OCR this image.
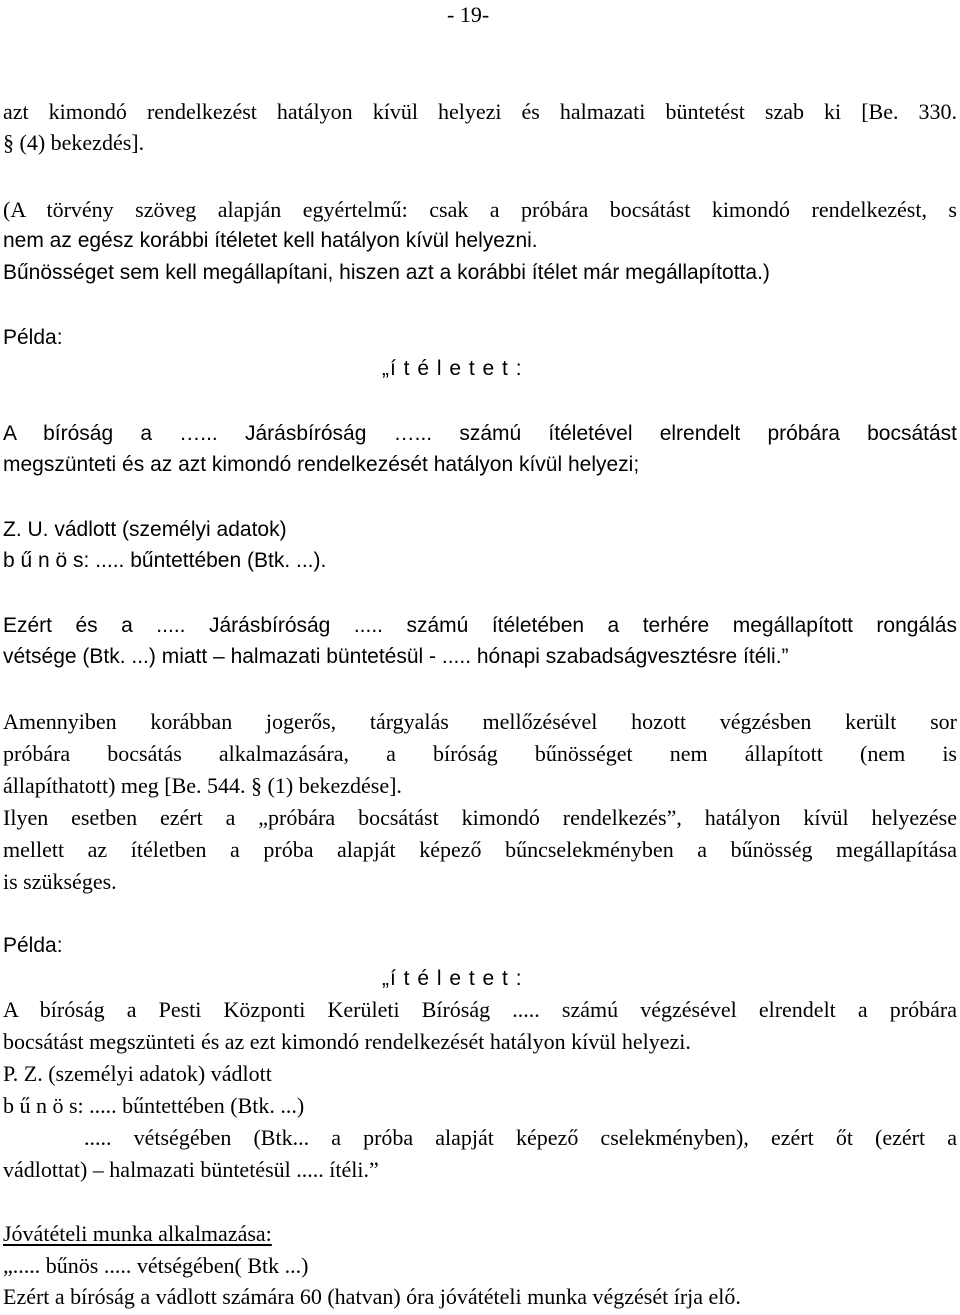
- 19-
azt kimondó rendelkezést hatályon kívül helyezi és halmazati büntetést szab ki [Be. 330.
§ (4) bekezdés].
(A törvény szöveg alapján egyértelmű: csak a próbára bocsátást kimondó rendelkezést, s
nem az egész korábbi ítéletet kell hatályon kívül helyezni.
Bűnösséget sem kell megállapítani, hiszen azt a korábbi ítélet már megállapította.)
Példa:
„í t é l e t e t :
A bíróság a …... Járásbíróság …... számú ítéletével elrendelt próbára bocsátást
megszünteti és az azt kimondó rendelkezését hatályon kívül helyezi;
Z. U. vádlott (személyi adatok)
b ű n ö s: ..... bűntettében (Btk. ...).
Ezért és a ..... Járásbíróság ..... számú ítéletében a terhére megállapított rongálás
vétsége (Btk. ...) miatt – halmazati büntetésül - ..... hónapi szabadságvesztésre ítéli.”
Amennyiben korábban jogerős, tárgyalás mellőzésével hozott végzésben került sor
próbára bocsátás alkalmazására, a bíróság bűnösséget nem állapított (nem is
állapíthatott) meg [Be. 544. § (1) bekezdése].
Ilyen esetben ezért a „próbára bocsátást kimondó rendelkezés”, hatályon kívül helyezése
mellett az ítéletben a próba alapját képező bűncselekményben a bűnösség megállapítása
is szükséges.
Példa:
„í t é l e t e t :
A bíróság a Pesti Központi Kerületi Bíróság ..... számú végzésével elrendelt a próbára
bocsátást megszünteti és az ezt kimondó rendelkezését hatályon kívül helyezi.
P. Z. (személyi adatok) vádlott
b ű n ö s: ..... bűntettében (Btk. ...)
..... vétségében (Btk... a próba alapját képező cselekményben), ezért őt (ezért a
vádlottat) – halmazati büntetésül ..... ítéli.”
Jóvátételi munka alkalmazása:
„..... bűnös ..... vétségében( Btk ...)
Ezért a bíróság a vádlott számára 60 (hatvan) óra jóvátételi munka végzését írja elő.
